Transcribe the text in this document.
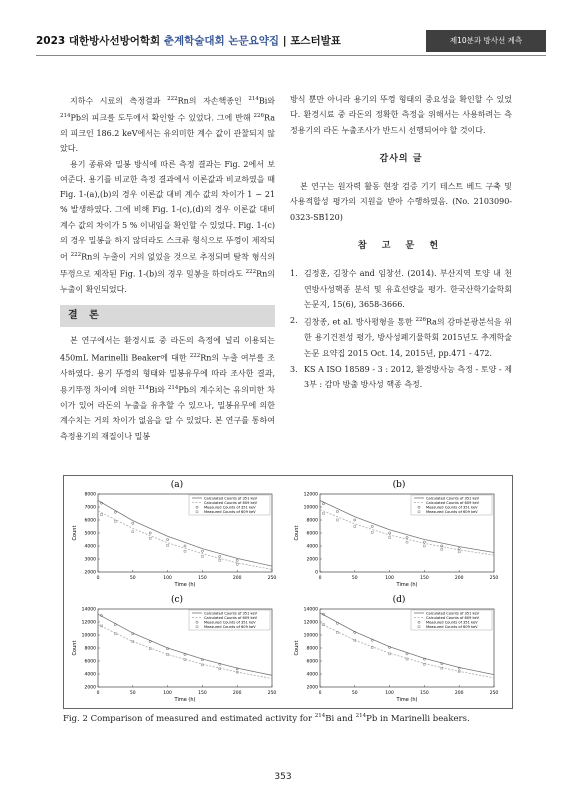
2023 대한방사선방어학회 춘계학술대회 논문요약집 | 포스터발표	제10분과 방사선 계측

지하수 시료의 측정결과 $^{222}$Rn의 자손핵종인 $^{214}$Bi와 $^{214}$Pb의 피크를 도두에서 확인할 수 있었다. 그에 반해 $^{226}$Ra의 피크인 186.2 keV에서는 유의미한 계수 값이 관찰되지 않았다.

용기 종류와 밀봉 방식에 따른 측정 결과는 Fig. 2에서 보여준다. 용기를 비교한 측정 결과에서 이론값과 비교하였을 때 Fig. 1-(a),(b)의 경우 이론값 대비 계수 값의 차이가 1 ~ 21 % 발생하였다. 그에 비해 Fig. 1-(c),(d)의 경우 이론값 대비 계수 값의 차이가 5 % 이내임을 확인할 수 있었다. Fig. 1-(c)의 경우 밀봉을 하지 않더라도 스크류 형식으로 뚜껑이 제작되어 $^{222}$Rn의 누출이 거의 없었을 것으로 추정되며 탈착 형식의 뚜껑으로 제작된 Fig. 1-(b)의 경우 밀봉을 하더라도 $^{222}$Rn의 누출이 확인되었다.

결 론

본 연구에서는 환경시료 중 라돈의 측정에 널리 이용되는 450mL Marinelli Beaker에 대한 $^{222}$Rn의 누출 여부를 조사하였다. 용기 뚜껑의 형태와 밀봉유무에 따라 조사한 결과, 용기뚜껑 차이에 의한 $^{214}$Bi와 $^{214}$Pb의 계수치는 유의미한 차이가 있어 라돈의 누출을 유추할 수 있으나, 밀봉유무에 의한 계수치는 거의 차이가 없음을 알 수 있었다. 본 연구를 통하여 측정용기의 재질이나 밀봉

방식 뿐만 아니라 용기의 뚜껑 형태의 중요성을 확인할 수 있었다. 환경시료 중 라돈의 정확한 측정을 위해서는 사용하려는 측정용기의 라돈 누출조사가 반드시 선행되어야 할 것이다.

감사의 글

본 연구는 원자력 활동 현장 검증 기기 테스트 베드 구축 및 사용적합성 평가의 지원을 받아 수행하였음. (No. 2103090-0323-SB120)

참 고 문 헌
1. 김정훈, 김창수 and 임창선. (2014). 부산지역 토양 내 천연방사성핵종 분석 및 유효선량을 평가. 한국산학기술학회논문지, 15(6), 3658-3666.
2. 김창종, et al. 방사평형을 통한 $^{226}$Ra의 감마분광분석을 위한 용기건전성 평가, 방사성폐기물학회 2015년도 추계학술 논문 요약집 2015 Oct. 14, 2015년, pp.471 - 472.
3. KS A ISO 18589 - 3 : 2012, 환경방사능 측정 - 토양 - 제 3부 : 감마 방출 방사성 핵종 측정.
(a)
0	50	100	150	200	250
2000
3000
4000
5000
6000
7000
8000
Time (h)
Count
Calculated Counts of 351 keV
Calculated Counts of 609 keV
Measured Counts of 351 keV
Measured Counts of 609 keV
(b)
0	50	100	150	200	250
0
2000
4000
6000
8000
10000
12000
Time (h)
Count
Calculated Counts of 351 keV
Calculated Counts of 609 keV
Measured Counts of 351 keV
Measured Counts of 609 keV
(c)
0	50	100	150	200	250
2000
4000
6000
8000
10000
12000
14000
Time (h)
Count
Calculated Counts of 351 keV
Calculated Counts of 609 keV
Measured Counts of 351 keV
Measured Counts of 609 keV
(d)
0	50	100	150	200	250
2000
4000
6000
8000
10000
12000
14000
Time (h)
Count
Calculated Counts of 351 keV
Calculated Counts of 609 keV
Measured Counts of 351 keV
Measured Counts of 609 keV
Fig. 2 Comparison of measured and estimated activity for $^{214}$Bi and $^{214}$Pb in Marinelli beakers.
353
